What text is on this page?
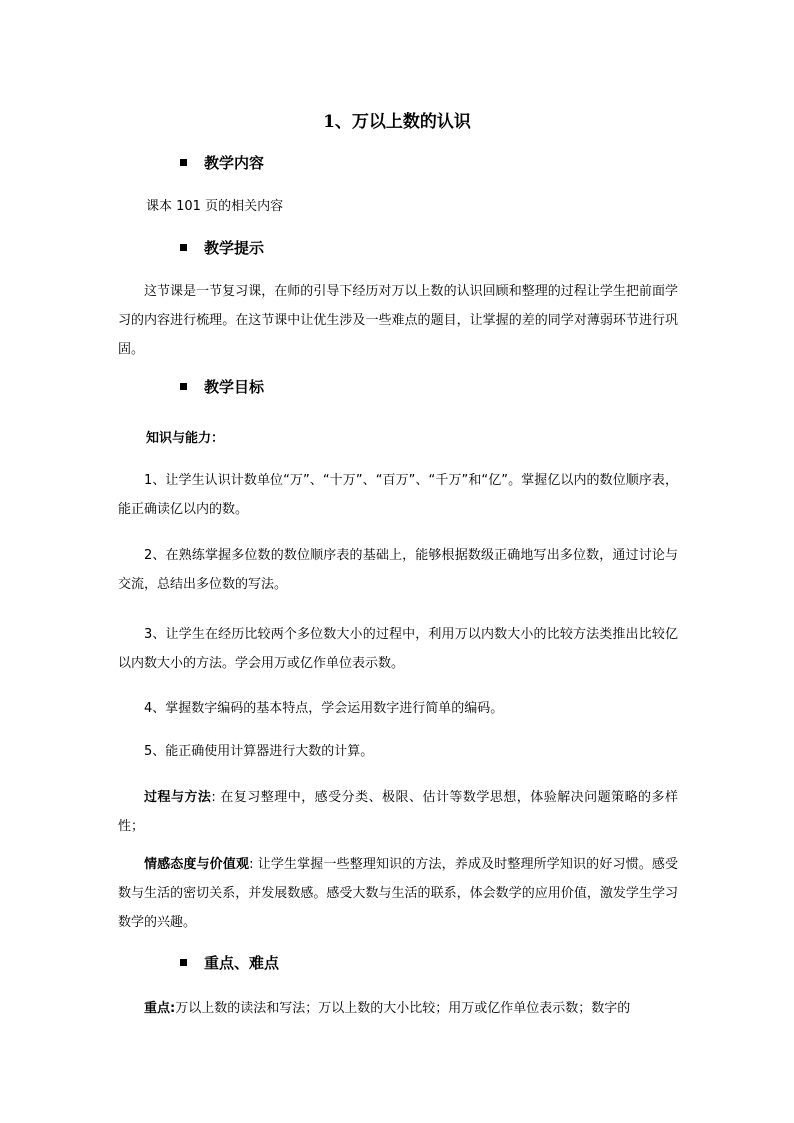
1、万以上数的认识
教学内容

课本 101 页的相关内容

教学提示

这节课是一节复习课，在师的引导下经历对万以上数的认识回顾和整理的过程让学生把前面学习的内容进行梳理。在这节课中让优生涉及一些难点的题目，让掌握的差的同学对薄弱环节进行巩固。

教学目标
知识与能力：

1、让学生认识计数单位“万”、“十万”、“百万”、“千万”和“亿”。掌握亿以内的数位顺序表，能正确读亿以内的数。

2、在熟练掌握多位数的数位顺序表的基础上，能够根据数级正确地写出多位数，通过讨论与交流，总结出多位数的写法。

3、让学生在经历比较两个多位数大小的过程中，利用万以内数大小的比较方法类推出比较亿以内数大小的方法。学会用万或亿作单位表示数。

4、掌握数字编码的基本特点，学会运用数字进行简单的编码。

5、能正确使用计算器进行大数的计算。

过程与方法: 在复习整理中，感受分类、极限、估计等数学思想，体验解决问题策略的多样性；

情感态度与价值观: 让学生掌握一些整理知识的方法，养成及时整理所学知识的好习惯。感受数与生活的密切关系，并发展数感。感受大数与生活的联系，体会数学的应用价值，激发学生学习数学的兴趣。

重点、难点

重点:万以上数的读法和写法；万以上数的大小比较；用万或亿作单位表示数；数字的
